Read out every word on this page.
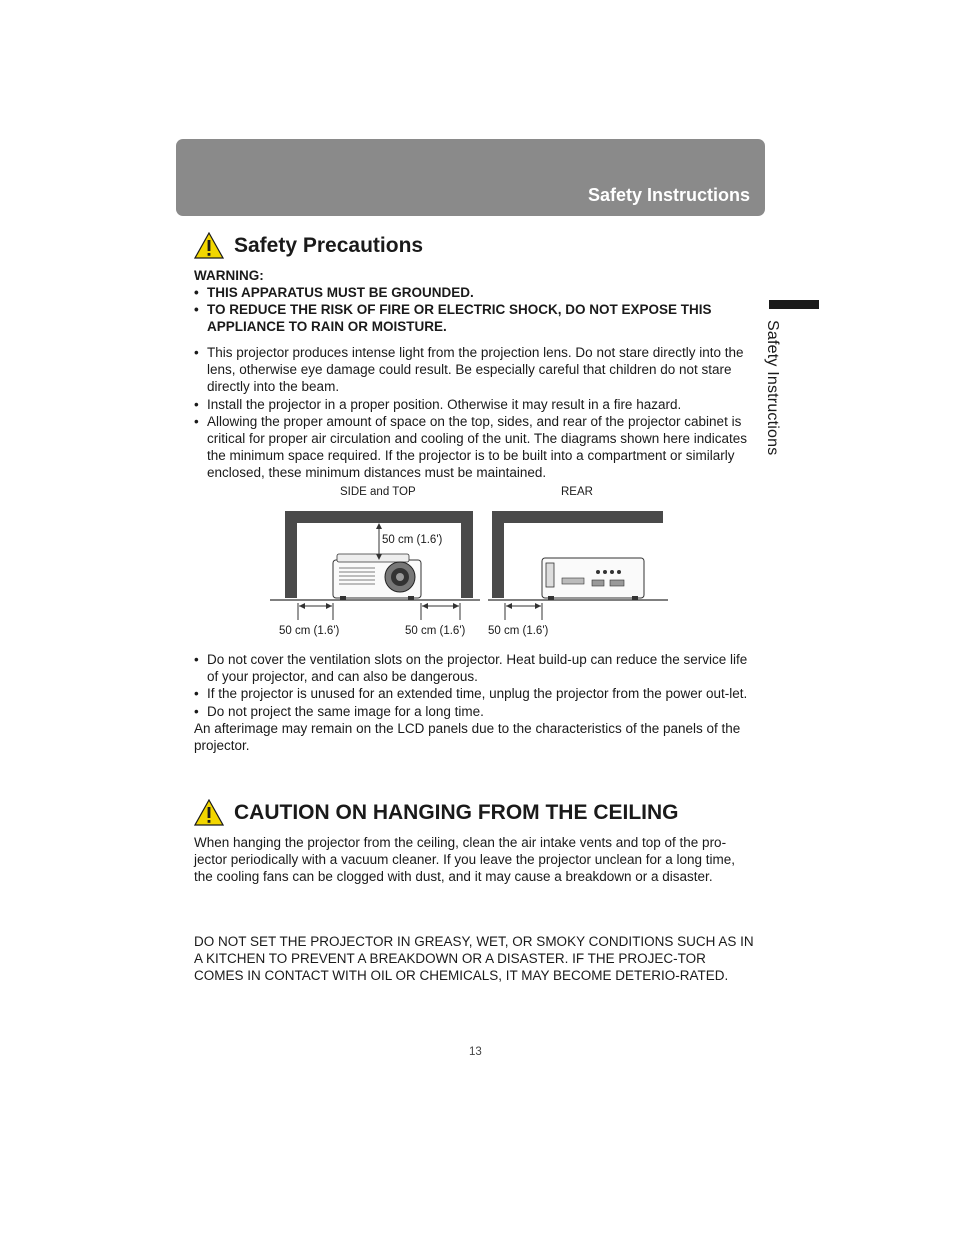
Safety Instructions
Safety Instructions
Safety Precautions
WARNING:
• THIS APPARATUS MUST BE GROUNDED.
• TO REDUCE THE RISK OF FIRE OR ELECTRIC SHOCK, DO NOT EXPOSE THIS APPLIANCE TO RAIN OR MOISTURE.
• This projector produces intense light from the projection lens. Do not stare directly into the lens, otherwise eye damage could result. Be especially careful that children do not stare directly into the beam.
• Install the projector in a proper position. Otherwise it may result in a fire hazard.
• Allowing the proper amount of space on the top, sides, and rear of the projector cabinet is critical for proper air circulation and cooling of the unit. The diagrams shown here indicates the minimum space required. If the projector is to be built into a compartment or similarly enclosed, these minimum distances must be maintained.
SIDE and TOP	REAR
50 cm (1.6')
50 cm (1.6')	50 cm (1.6') 50 cm (1.6')
• Do not cover the ventilation slots on the projector. Heat build-up can reduce the service life of your projector, and can also be dangerous.
• If the projector is unused for an extended time, unplug the projector from the power out-let.
• Do not project the same image for a long time.

An afterimage may remain on the LCD panels due to the characteristics of the panels of the projector.

CAUTION ON HANGING FROM THE CEILING
When hanging the projector from the ceiling, clean the air intake vents and top of the pro-jector periodically with a vacuum cleaner. If you leave the projector unclean for a long time, the cooling fans can be clogged with dust, and it may cause a breakdown or a disaster.
DO NOT SET THE PROJECTOR IN GREASY, WET, OR SMOKY CONDITIONS SUCH AS IN A KITCHEN TO PREVENT A BREAKDOWN OR A DISASTER. IF THE PROJEC-TOR COMES IN CONTACT WITH OIL OR CHEMICALS, IT MAY BECOME DETERIO-RATED.
13
